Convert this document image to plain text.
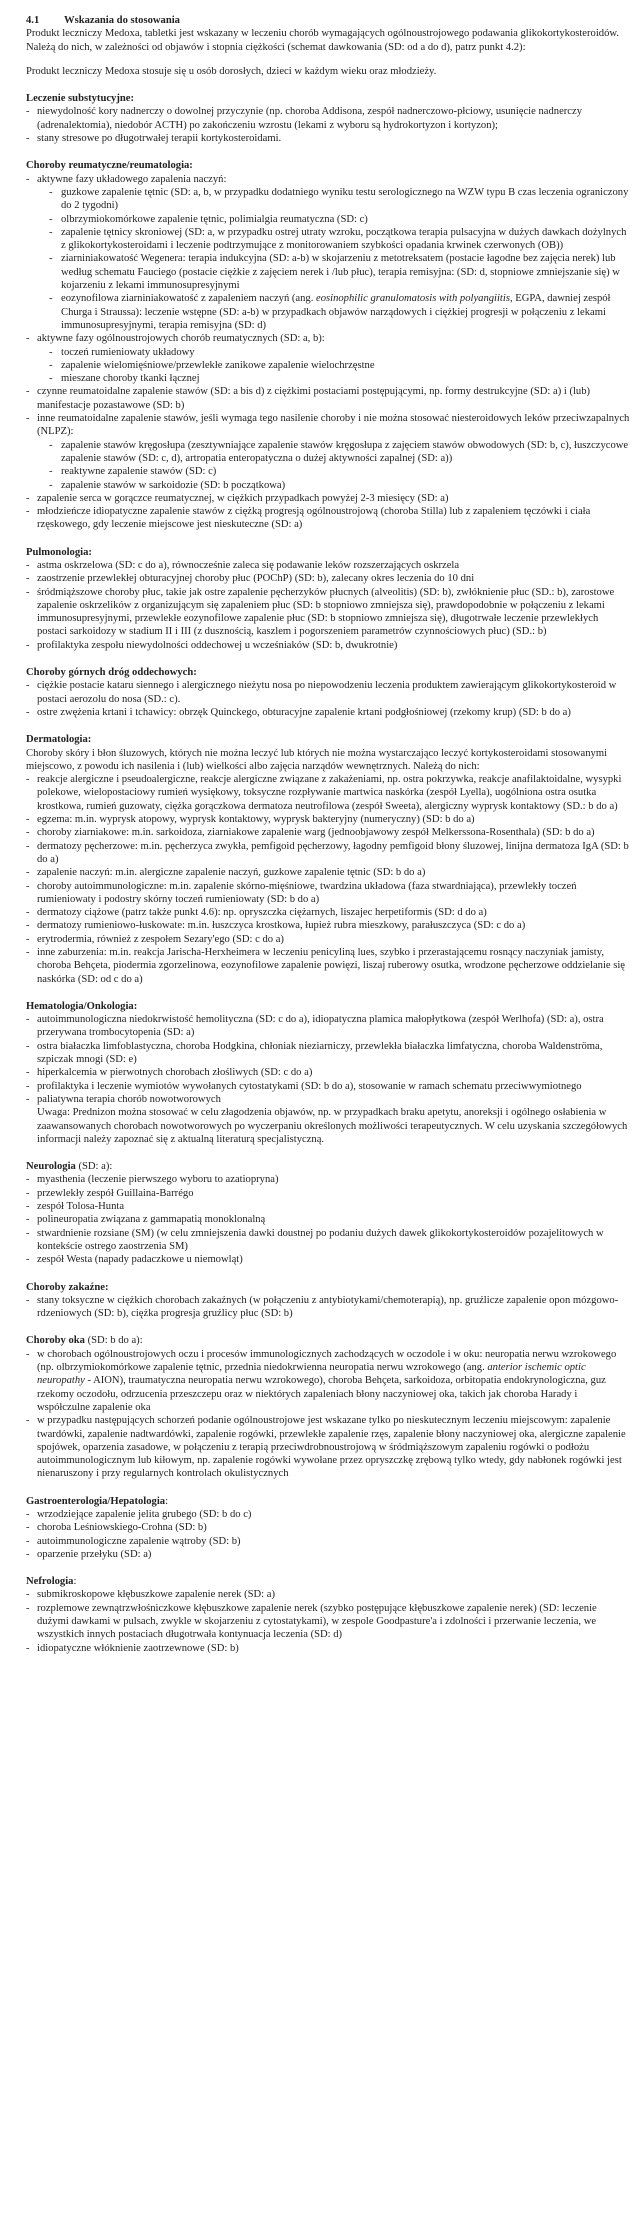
4.1 Wskazania do stosowania

Produkt leczniczy Medoxa, tabletki jest wskazany w leczeniu chorób wymagających ogólnoustrojowego podawania glikokortykosteroidów. Należą do nich, w zależności od objawów i stopnia ciężkości (schemat dawkowania (SD: od a do d), patrz punkt 4.2):

Produkt leczniczy Medoxa stosuje się u osób dorosłych, dzieci w każdym wieku oraz młodzieży.

Leczenie substytucyjne:

- niewydolność kory nadnerczy o dowolnej przyczynie (np. choroba Addisona, zespół nadnerczowo-płciowy, usunięcie nadnerczy (adrenalektomia), niedobór ACTH) po zakończeniu wzrostu (lekami z wyboru są hydrokortyzon i kortyzon);
- stany stresowe po długotrwałej terapii kortykosteroidami.

Choroby reumatyczne/reumatologia:

- aktywne fazy układowego zapalenia naczyń:
- guzkowe zapalenie tętnic (SD: a, b, w przypadku dodatniego wyniku testu serologicznego na WZW typu B czas leczenia ograniczony do 2 tygodni)
- olbrzymiokomórkowe zapalenie tętnic, polimialgia reumatyczna (SD: c)
- zapalenie tętnicy skroniowej (SD: a, w przypadku ostrej utraty wzroku, początkowa terapia pulsacyjna w dużych dawkach dożylnych z glikokortykosteroidami i leczenie podtrzymujące z monitorowaniem szybkości opadania krwinek czerwonych (OB))
- ziarniniakowatość Wegenera: terapia indukcyjna (SD: a-b) w skojarzeniu z metotreksatem (postacie łagodne bez zajęcia nerek) lub według schematu Fauciego (postacie ciężkie z zajęciem nerek i /lub płuc), terapia remisyjna: (SD: d, stopniowe zmniejszanie się) w kojarzeniu z lekami immunosupresyjnymi
- eozynofilowa ziarniniakowatość z zapaleniem naczyń (ang. eosinophilic granulomatosis with polyangiitis, EGPA, dawniej zespół Churga i Straussa): leczenie wstępne (SD: a-b) w przypadkach objawów narządowych i ciężkiej progresji w połączeniu z lekami immunosupresyjnymi, terapia remisyjna (SD: d)
- aktywne fazy ogólnoustrojowych chorób reumatycznych (SD: a, b):
- toczeń rumieniowaty układowy
- zapalenie wielomięśniowe/przewlekłe zanikowe zapalenie wielochrzęstne
- mieszane choroby tkanki łącznej
- czynne reumatoidalne zapalenie stawów (SD: a bis d) z ciężkimi postaciami postępującymi, np. formy destrukcyjne (SD: a) i (lub) manifestacje pozastawowe (SD: b)
- inne reumatoidalne zapalenie stawów, jeśli wymaga tego nasilenie choroby i nie można stosować niesteroidowych leków przeciwzapalnych (NLPZ):
- zapalenie stawów kręgosłupa (zesztywniające zapalenie stawów kręgosłupa z zajęciem stawów obwodowych (SD: b, c), łuszczycowe zapalenie stawów (SD: c, d), artropatia enteropatyczna o dużej aktywności zapalnej (SD: a))
- reaktywne zapalenie stawów (SD: c)
- zapalenie stawów w sarkoidozie (SD: b początkowa)
- zapalenie serca w gorączce reumatycznej, w ciężkich przypadkach powyżej 2-3 miesięcy (SD: a)
- młodzieńcze idiopatyczne zapalenie stawów z ciężką progresją ogólnoustrojową (choroba Stilla) lub z zapaleniem tęczówki i ciała rzęskowego, gdy leczenie miejscowe jest nieskuteczne (SD: a)

Pulmonologia:

- astma oskrzelowa (SD: c do a), równocześnie zaleca się podawanie leków rozszerzających oskrzela
- zaostrzenie przewlekłej obturacyjnej choroby płuc (POChP) (SD: b), zalecany okres leczenia do 10 dni
- śródmiąższowe choroby płuc, takie jak ostre zapalenie pęcherzyków płucnych (alveolitis) (SD: b), zwłóknienie płuc (SD.: b), zarostowe zapalenie oskrzelików z organizującym się zapaleniem płuc (SD: b stopniowo zmniejsza się), prawdopodobnie w połączeniu z lekami immunosupresyjnymi, przewlekłe eozynofilowe zapalenie płuc (SD: b stopniowo zmniejsza się), długotrwałe leczenie przewlekłych postaci sarkoidozy w stadium II i III (z dusznością, kaszlem i pogorszeniem parametrów czynnościowych płuc) (SD.: b)
- profilaktyka zespołu niewydolności oddechowej u wcześniaków (SD: b, dwukrotnie)

Choroby górnych dróg oddechowych:

- ciężkie postacie kataru siennego i alergicznego nieżytu nosa po niepowodzeniu leczenia produktem zawierającym glikokortykosteroid w postaci aerozolu do nosa (SD.: c).
- ostre zwężenia krtani i tchawicy: obrzęk Quinckego, obturacyjne zapalenie krtani podgłośniowej (rzekomy krup) (SD: b do a)

Dermatologia:

Choroby skóry i błon śluzowych, których nie można leczyć lub których nie można wystarczająco leczyć kortykosteroidami stosowanymi miejscowo, z powodu ich nasilenia i (lub) wielkości albo zajęcia narządów wewnętrznych. Należą do nich:

- reakcje alergiczne i pseudoalergiczne, reakcje alergiczne związane z zakażeniami, np. ostra pokrzywka, reakcje anafilaktoidalne, wysypki polekowe, wielopostaciowy rumień wysiękowy, toksyczne rozpływanie martwica naskórka (zespół Lyella), uogólniona ostra osutka krostkowa, rumień guzowaty, ciężka gorączkowa dermatoza neutrofilowa (zespół Sweeta), alergiczny wyprysk kontaktowy (SD.: b do a)
- egzema: m.in. wyprysk atopowy, wyprysk kontaktowy, wyprysk bakteryjny (numeryczny) (SD: b do a)
- choroby ziarniakowe: m.in. sarkoidoza, ziarniakowe zapalenie warg (jednoobjawowy zespół Melkerssona-Rosenthala) (SD: b do a)
- dermatozy pęcherzowe: m.in. pęcherzyca zwykła, pemfigoid pęcherzowy, łagodny pemfigoid błony śluzowej, linijna dermatoza IgA (SD: b do a)
- zapalenie naczyń: m.in. alergiczne zapalenie naczyń, guzkowe zapalenie tętnic (SD: b do a)
- choroby autoimmunologiczne: m.in. zapalenie skórno-mięśniowe, twardzina układowa (faza stwardniająca), przewlekły toczeń rumieniowaty i podostry skórny toczeń rumieniowaty (SD: b do a)
- dermatozy ciążowe (patrz także punkt 4.6): np. opryszczka ciężarnych, liszajec herpetiformis (SD: d do a)
- dermatozy rumieniowo-łuskowate: m.in. łuszczyca krostkowa, łupież rubra mieszkowy, parałuszczyca (SD: c do a)
- erytrodermia, również z zespołem Sezary'ego (SD: c do a)
- inne zaburzenia: m.in. reakcja Jarischa-Herxheimera w leczeniu penicyliną lues, szybko i przerastającemu rosnący naczyniak jamisty, choroba Behçeta, piodermia zgorzelinowa, eozynofilowe zapalenie powięzi, liszaj ruberowy osutka, wrodzone pęcherzowe oddzielanie się naskórka (SD: od c do a)

Hematologia/Onkologia:

- autoimmunologiczna niedokrwistość hemolityczna (SD: c do a), idiopatyczna plamica małopłytkowa (zespół Werlhofa) (SD: a), ostra przerywana trombocytopenia (SD: a)
- ostra białaczka limfoblastyczna, choroba Hodgkina, chłoniak nieziarniczy, przewlekła białaczka limfatyczna, choroba Waldenströma, szpiczak mnogi (SD: e)
- hiperkalcemia w pierwotnych chorobach złośliwych (SD: c do a)
- profilaktyka i leczenie wymiotów wywołanych cytostatykami (SD: b do a), stosowanie w ramach schematu przeciwwymiotnego
- paliatywna terapia chorób nowotworowych

Uwaga: Prednizon można stosować w celu złagodzenia objawów, np. w przypadkach braku apetytu, anoreksji i ogólnego osłabienia w zaawansowanych chorobach nowotworowych po wyczerpaniu określonych możliwości terapeutycznych. W celu uzyskania szczegółowych informacji należy zapoznać się z aktualną literaturą specjalistyczną.

Neurologia (SD: a):

- myasthenia (leczenie pierwszego wyboru to azatiopryna)
- przewlekły zespół Guillaina-Barrégo
- zespół Tolosa-Hunta
- polineuropatia związana z gammapatią monoklonalną
- stwardnienie rozsiane (SM) (w celu zmniejszenia dawki doustnej po podaniu dużych dawek glikokortykosteroidów pozajelitowych w kontekście ostrego zaostrzenia SM)
- zespół Westa (napady padaczkowe u niemowląt)

Choroby zakaźne:

- stany toksyczne w ciężkich chorobach zakaźnych (w połączeniu z antybiotykami/chemoterapią), np. gruźlicze zapalenie opon mózgowo-rdzeniowych (SD: b), ciężka progresja gruźlicy płuc (SD: b)

Choroby oka (SD: b do a):

- w chorobach ogólnoustrojowych oczu i procesów immunologicznych zachodzących w oczodole i w oku: neuropatia nerwu wzrokowego (np. olbrzymiokomórkowe zapalenie tętnic, przednia niedokrwienna neuropatia nerwu wzrokowego (ang. anterior ischemic optic neuropathy - AION), traumatyczna neuropatia nerwu wzrokowego), choroba Behçeta, sarkoidoza, orbitopatia endokrynologiczna, guz rzekomy oczodołu, odrzucenia przeszczepu oraz w niektórych zapaleniach błony naczyniowej oka, takich jak choroba Harady i współczulne zapalenie oka
- w przypadku następujących schorzeń podanie ogólnoustrojowe jest wskazane tylko po nieskutecznym leczeniu miejscowym: zapalenie twardówki, zapalenie nadtwardówki, zapalenie rogówki, przewlekłe zapalenie rzęs, zapalenie błony naczyniowej oka, alergiczne zapalenie spojówek, oparzenia zasadowe, w połączeniu z terapią przeciwdrobnoustrojową w śródmiąższowym zapaleniu rogówki o podłożu autoimmunologicznym lub kiłowym, np. zapalenie rogówki wywołane przez opryszczkę zrębową tylko wtedy, gdy nabłonek rogówki jest nienaruszony i przy regularnych kontrolach okulistycznych

Gastroenterologia/Hepatologia:

- wrzodziejące zapalenie jelita grubego (SD: b do c)
- choroba Leśniowskiego-Crohna (SD: b)
- autoimmunologiczne zapalenie wątroby (SD: b)
- oparzenie przełyku (SD: a)

Nefrologia:

- submikroskopowe kłębuszkowe zapalenie nerek (SD: a)
- rozplemowe zewnątrzwłośniczkowe kłębuszkowe zapalenie nerek (szybko postępujące kłębuszkowe zapalenie nerek) (SD: leczenie dużymi dawkami w pulsach, zwykle w skojarzeniu z cytostatykami), w zespole Goodpasture'a i zdolności i przerwanie leczenia, we wszystkich innych postaciach długotrwała kontynuacja leczenia (SD: d)
- idiopatyczne włóknienie zaotrzewnowe (SD: b)
